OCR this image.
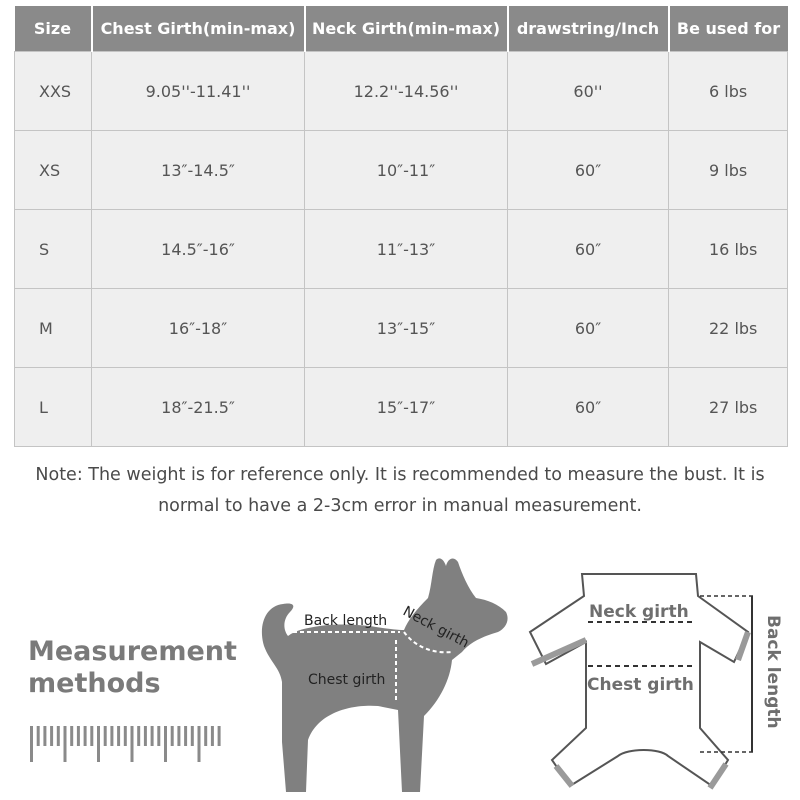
Size	Chest Girth(min-max)	Neck Girth(min-max)	drawstring/Inch	Be used for
XXS	9.05''-11.41''	12.2''-14.56''	60''	6 lbs
XS	13″-14.5″	10″-11″	60″	9 lbs
S	14.5″-16″	11″-13″	60″	16 lbs
M	16″-18″	13″-15″	60″	22 lbs
L	18″-21.5″	15″-17″	60″	27 lbs
Note: The weight is for reference only. It is recommended to measure the bust. It is
normal to have a 2-3cm error in manual measurement.
Measurement
methods
Back length Neck girth
Chest girth
Neck girth
Chest girth	Back length
